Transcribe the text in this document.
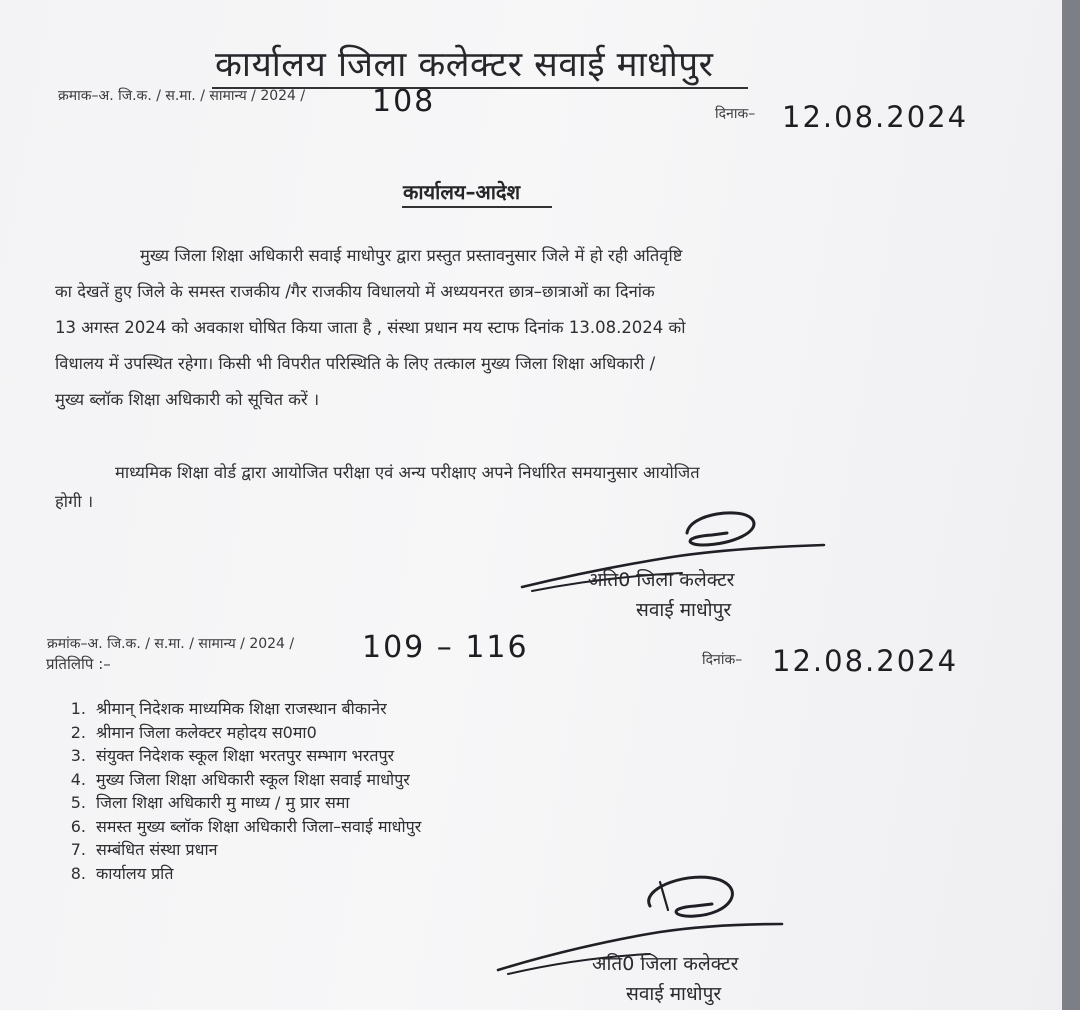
कार्यालय जिला कलेक्टर सवाई माधोपुर
क्रमाक–अ. जि.क. / स.मा. / सामान्य / 2024 / 108	दिनाक– 12.08.2024
कार्यालय–आदेश
मुख्य जिला शिक्षा अधिकारी सवाई माधोपुर द्वारा प्रस्तुत प्रस्तावनुसार जिले में हो रही अतिवृष्टि
का देखतें हुए जिले के समस्त राजकीय /गैर राजकीय विधालयो में अध्ययनरत छात्र–छात्राओं का दिनांक
13 अगस्त 2024 को अवकाश घोषित किया जाता है , संस्था प्रधान मय स्टाफ दिनांक 13.08.2024 को
विधालय में उपस्थित रहेगा। किसी भी विपरीत परिस्थिति के लिए तत्काल मुख्य जिला शिक्षा अधिकारी /
मुख्य ब्लॉक शिक्षा अधिकारी को सूचित करें ।
माध्यमिक शिक्षा वोर्ड द्वारा आयोजित परीक्षा एवं अन्य परीक्षाए अपने निर्धारित समयानुसार आयोजित
होगी ।
अति0 जिला कलेक्टर
सवाई माधोपुर
क्रमांक–अ. जि.क. / स.मा. / सामान्य / 2024 / 109 – 116	दिनांक– 12.08.2024
प्रतिलिपि :–
1. श्रीमान् निदेशक माध्यमिक शिक्षा राजस्थान बीकानेर
2. श्रीमान जिला कलेक्टर महोदय स0मा0
3. संयुक्त निदेशक स्कूल शिक्षा भरतपुर सम्भाग भरतपुर
4. मुख्य जिला शिक्षा अधिकारी स्कूल शिक्षा सवाई माधोपुर
5. जिला शिक्षा अधिकारी मु माध्य / मु प्रार समा
6. समस्त मुख्य ब्लॉक शिक्षा अधिकारी जिला–सवाई माधोपुर
7. सम्बंधित संस्था प्रधान
8. कार्यालय प्रति
अति0 जिला कलेक्टर
सवाई माधोपुर
